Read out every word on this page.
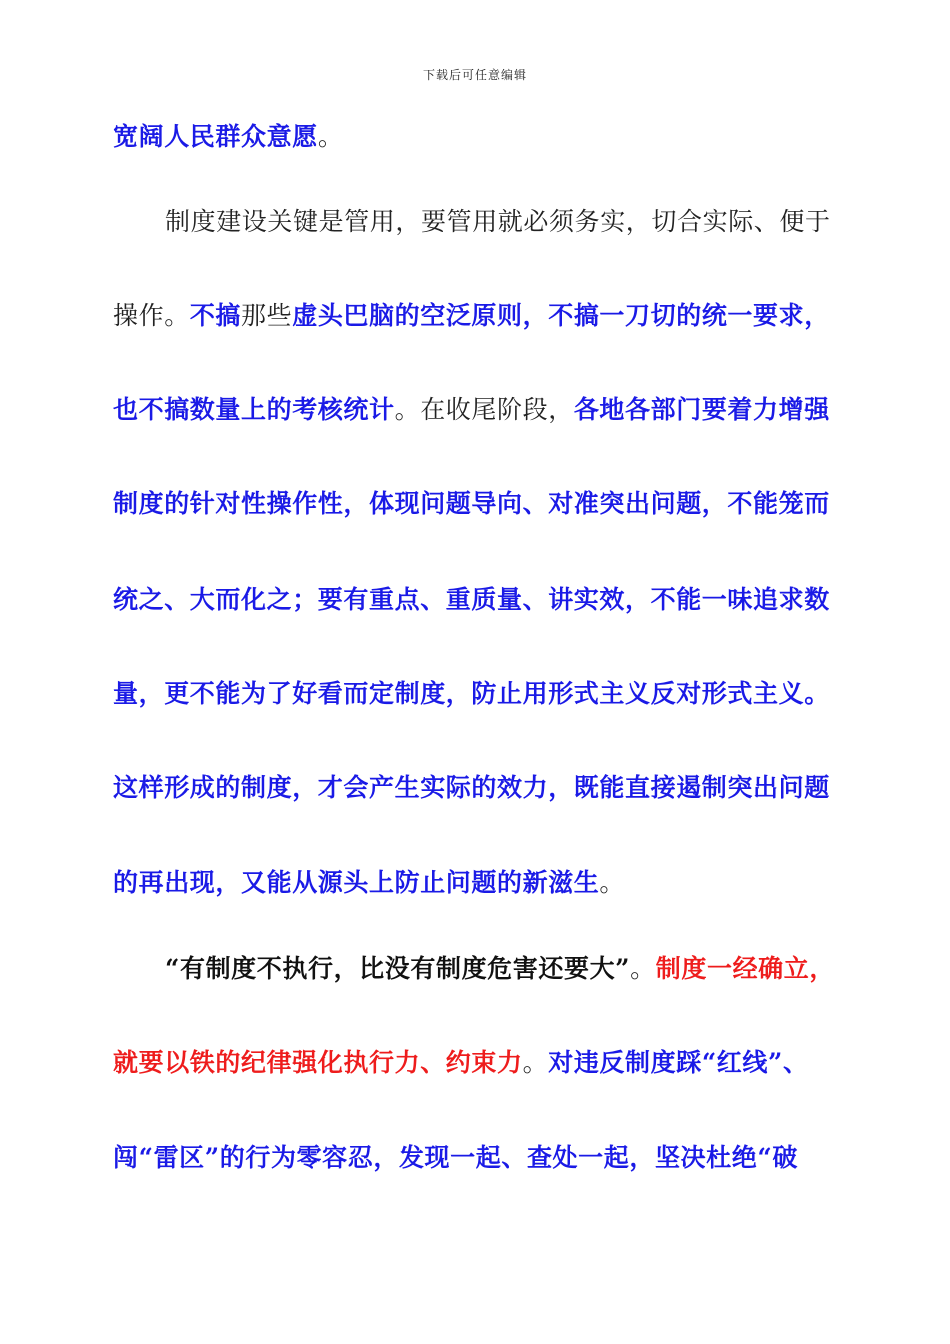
下载后可任意编辑
宽阔人民群众意愿。
制度建设关键是管用，要管用就必须务实，切合实际、便于
操作。不搞那些虚头巴脑的空泛原则，不搞一刀切的统一要求，
也不搞数量上的考核统计。在收尾阶段，各地各部门要着力增强
制度的针对性操作性，体现问题导向、对准突出问题，不能笼而
统之、大而化之；要有重点、重质量、讲实效，不能一味追求数
量，更不能为了好看而定制度，防止用形式主义反对形式主义。
这样形成的制度，才会产生实际的效力，既能直接遏制突出问题
的再出现，又能从源头上防止问题的新滋生。
“有制度不执行，比没有制度危害还要大”。制度一经确立，
就要以铁的纪律强化执行力、约束力。对违反制度踩“红线”、
闯“雷区”的行为零容忍，发现一起、查处一起，坚决杜绝“破
